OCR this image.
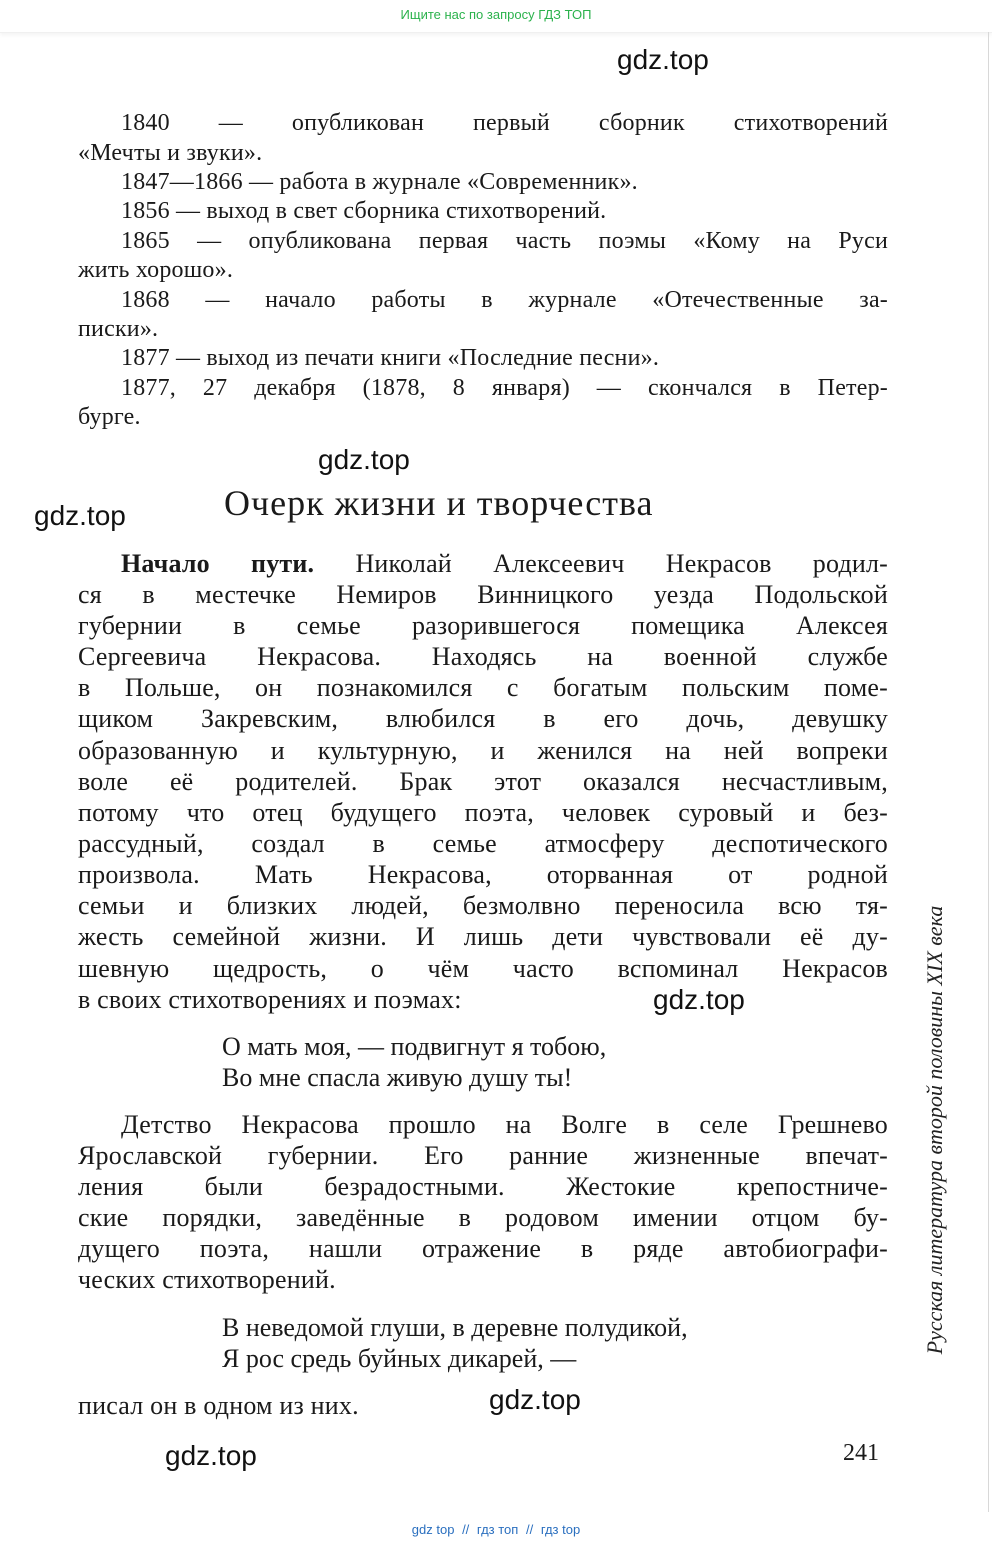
Ищите нас по запросу ГДЗ ТОП
gdz.top
gdz.top
gdz.top
gdz.top
gdz.top
gdz.top
1840 — опубликован первый сборник стихотворений
«Мечты и звуки».
1847—1866 — работа в журнале «Современник».
1856 — выход в свет сборника стихотворений.
1865 — опубликована первая часть поэмы «Кому на Руси
жить хорошо».
1868 — начало работы в журнале «Отечественные за-
писки».
1877 — выход из печати книги «Последние песни».
1877, 27 декабря (1878, 8 января) — скончался в Петер-
бурге.
Очерк жизни и творчества
Начало пути. Николай Алексеевич Некрасов родил-
ся в местечке Немиров Винницкого уезда Подольской
губернии в семье разорившегося помещика Алексея
Сергеевича Некрасова. Находясь на военной службе
в Польше, он познакомился с богатым польским поме-
щиком Закревским, влюбился в его дочь, девушку
образованную и культурную, и женился на ней вопреки
воле её родителей. Брак этот оказался несчастливым,
потому что отец будущего поэта, человек суровый и без-
рассудный, создал в семье атмосферу деспотического
произвола. Мать Некрасова, оторванная от родной
семьи и близких людей, безмолвно переносила всю тя-
жесть семейной жизни. И лишь дети чувствовали её ду-
шевную щедрость, о чём часто вспоминал Некрасов
в своих стихотворениях и поэмах:
О мать моя, — подвигнут я тобою,
Во мне спасла живую душу ты!
Детство Некрасова прошло на Волге в селе Грешнево
Ярославской губернии. Его ранние жизненные впечат-
ления были безрадостными. Жестокие крепостниче-
ские порядки, заведённые в родовом имении отцом бу-
дущего поэта, нашли отражение в ряде автобиографи-
ческих стихотворений.
В неведомой глуши, в деревне полудикой,
Я рос средь буйных дикарей, —
писал он в одном из них.
241
Русская литература второй половины XIX века
gdz top // гдз топ // гдз top
